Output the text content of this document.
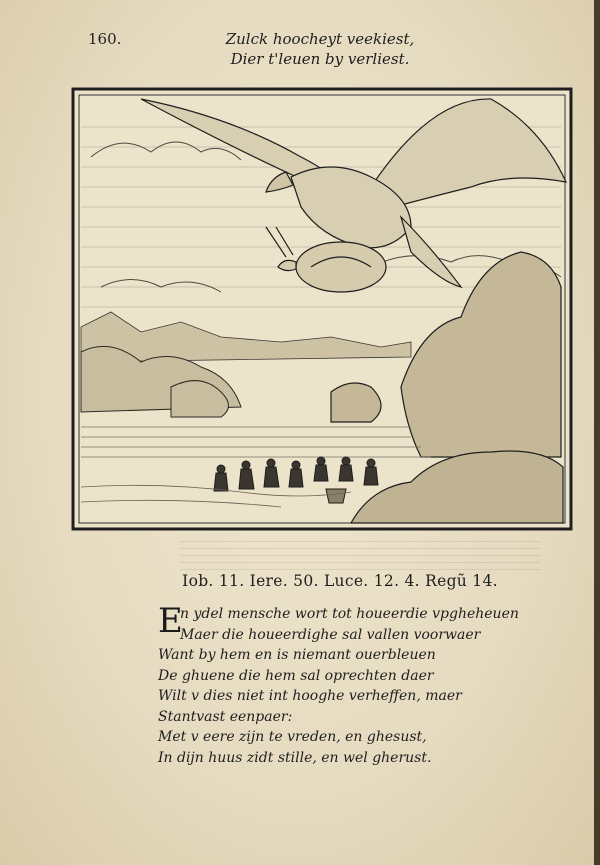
160.	Zulck hoocheyt veekiest,
Dier t'leuen by verliest.
Iob. 11. Iere. 50. Luce. 12. 4. Regũ 14.
E
n ydel mensche wort tot houeerdie vpgheheuen
Maer die houeerdighe sal vallen voorwaer
Want by hem en is niemant ouerbleuen
De ghuene die hem sal oprechten daer
Wilt v dies niet int hooghe verheffen, maer
Stantvast eenpaer:
Met v eere zijn te vreden, en ghesust,
In dijn huus zidt stille, en wel gherust.
